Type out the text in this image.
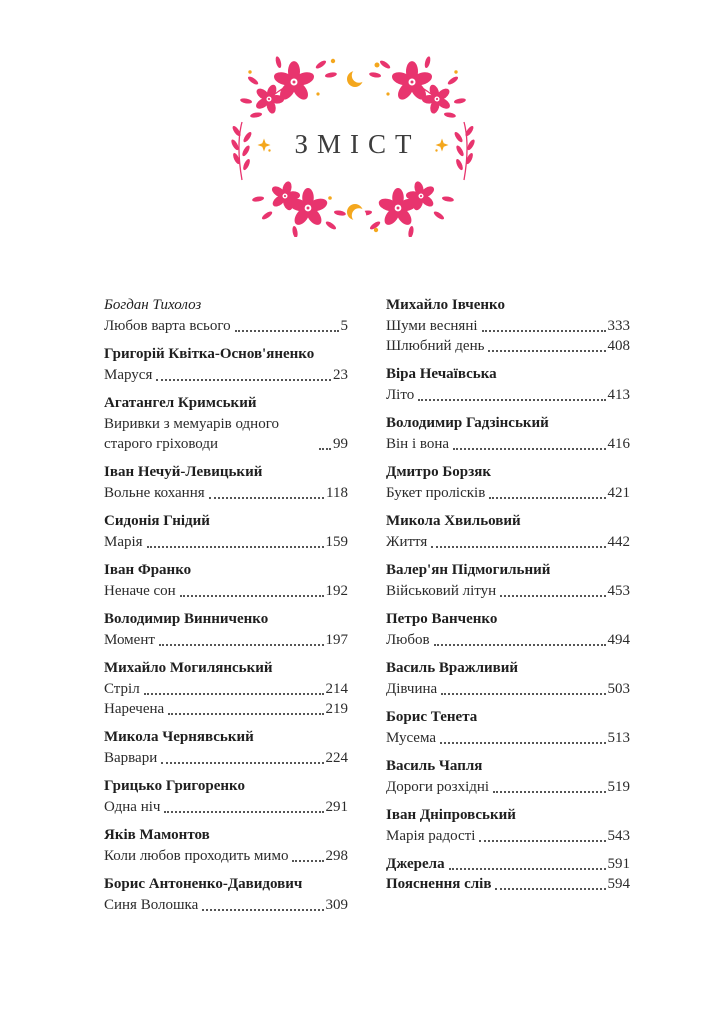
ЗМІСТ
Богдан Тихолоз
Любов варта всього	5
Григорій Квітка-Основ'яненко
Маруся	23
Агатангел Кримський
Виривки з мемуарів одного старого гріховоди	99
Іван Нечуй-Левицький
Вольне кохання	118
Сидонія Гнідий
Марія	159
Іван Франко
Неначе сон	192
Володимир Винниченко
Момент	197
Михайло Могилянський
Стріл	214
Наречена	219
Микола Чернявський
Варвари	224
Грицько Григоренко
Одна ніч	291
Яків Мамонтов
Коли любов проходить мимо 298
Борис Антоненко-Давидович
Синя Волошка	309
Михайло Івченко
Шуми весняні	333
Шлюбний день	408
Віра Нечаївська
Літо	413
Володимир Гадзінський
Він і вона	416
Дмитро Борзяк
Букет пролісків	421
Микола Хвильовий
Життя	442
Валер'ян Підмогильний
Військовий літун	453
Петро Ванченко
Любов	494
Василь Вражливий
Дівчина	503
Борис Тенета
Мусема	513
Василь Чапля
Дороги розхідні	519
Іван Дніпровський
Марія радості	543
Джерела	591
Пояснення слів	594
